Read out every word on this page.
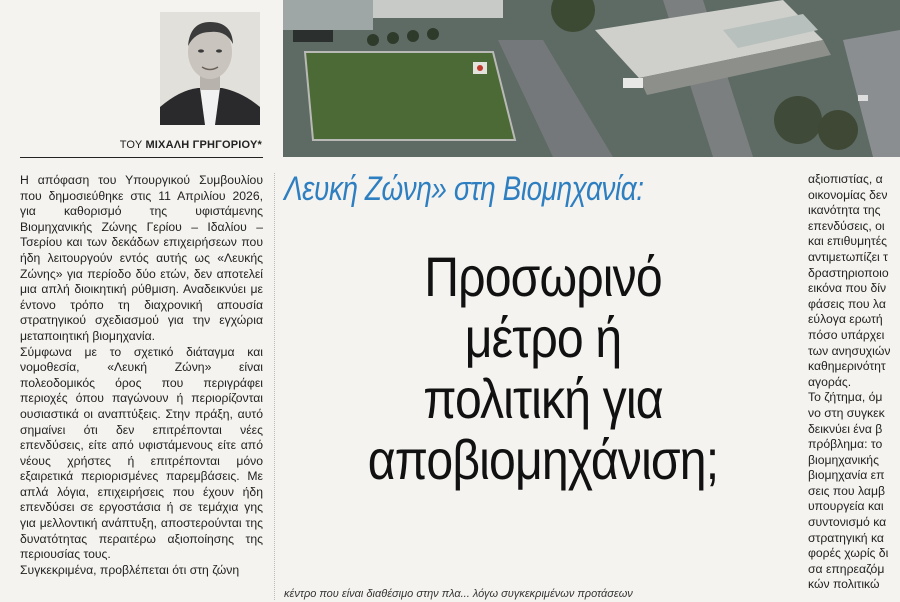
ΤΟΥ ΜΙΧΑΛΗ ΓΡΗΓΟΡΙΟΥ*

Η απόφαση του Υπουργικού Συμβουλίου που δημοσιεύθηκε στις 11 Απριλίου 2026, για καθορισμό της υφιστάμενης Βιομηχανικής Ζώνης Γερίου – Ιδαλίου – Τσερίου και των δεκάδων επιχειρήσεων που ήδη λειτουργούν εντός αυτής ως «Λευκής Ζώνης» για περίοδο δύο ετών, δεν αποτελεί μια απλή διοικητική ρύθμιση. Αναδεικνύει με έντονο τρόπο τη διαχρονική απουσία στρατηγικού σχεδιασμού για την εγχώρια μεταποιητική βιομηχανία.

Σύμφωνα με το σχετικό διάταγμα και νομοθεσία, «Λευκή Ζώνη» είναι πολεοδομικός όρος που περιγράφει περιοχές όπου παγώνουν ή περιορίζονται ουσιαστικά οι αναπτύξεις. Στην πράξη, αυτό σημαίνει ότι δεν επιτρέπονται νέες επενδύσεις, είτε από υφιστάμενους είτε από νέους χρήστες ή επιτρέπονται μόνο εξαιρετικά περιορισμένες παρεμβάσεις. Με απλά λόγια, επιχειρήσεις που έχουν ήδη επενδύσει σε εργοστάσια ή σε τεμάχια γης για μελλοντική ανάπτυξη, αποστερούνται της δυνατότητας περαιτέρω αξιοποίησης της περιουσίας τους.

Συγκεκριμένα, προβλέπεται ότι στη ζώνη

Λευκή Ζώνη» στη Βιομηχανία:
Προσωρινό
μέτρο ή
πολιτική για
αποβιομηχάνιση;
κέντρο που είναι διαθέσιμο στην πλα... λόγω συγκεκριμένων προτάσεων
αξιοπιστίας, α
οικονομίας δεν
ικανότητα της
επενδύσεις, οι
και επιθυμητές
αντιμετωπίζει τ
δραστηριοποιο
εικόνα που δίν
φάσεις που λα
εύλογα ερωτή
πόσο υπάρχει
των ανησυχιών
καθημερινότητ
αγοράς.
Το ζήτημα, όμ
νο στη συγκεκ
δεικνύει ένα β
πρόβλημα: το
βιομηχανικής
βιομηχανία επ
σεις που λαμβ
υπουργεία και
συντονισμό κα
στρατηγική κα
φορές χωρίς δι
σα επηρεαζόμ
κών πολιτικώ
